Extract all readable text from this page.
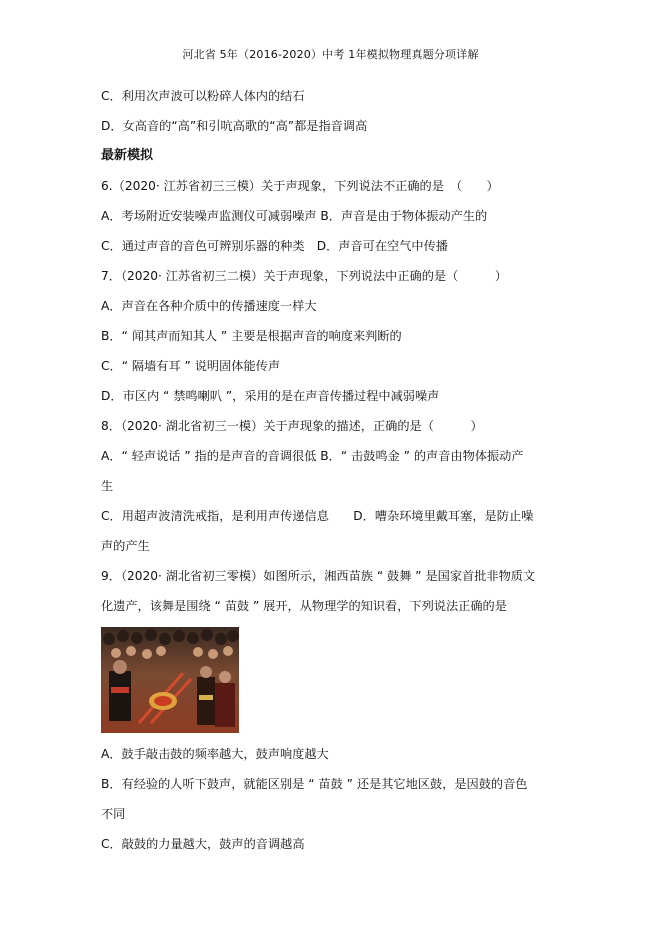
河北省 5年（2016-2020）中考 1年模拟物理真题分项详解
C．利用次声波可以粉碎人体内的结石
D．女高音的“高”和引吭高歌的“高”都是指音调高
最新模拟
6.（2020· 江苏省初三三模）关于声现象，下列说法不正确的是　（　　）
A．考场附近安装噪声监测仪可减弱噪声 B．声音是由于物体振动产生的
C．通过声音的音色可辨别乐器的种类　D．声音可在空气中传播
7．（2020· 江苏省初三二模）关于声现象，下列说法中正确的是（　　　）
A．声音在各种介质中的传播速度一样大
B．“ 闻其声而知其人 ” 主要是根据声音的响度来判断的
C．“ 隔墙有耳 ” 说明固体能传声
D．市区内 “ 禁鸣喇叭 ”，采用的是在声音传播过程中减弱噪声
8．（2020· 湖北省初三一模）关于声现象的描述，正确的是（　　　）
A．“ 轻声说话 ” 指的是声音的音调很低 B．“ 击鼓鸣金 ” 的声音由物体振动产
生
C．用超声波清洗戒指，是利用声传递信息　　D．嘈杂环境里戴耳塞，是防止噪
声的产生
9．（2020· 湖北省初三零模）如图所示，湘西苗族 “ 鼓舞 ” 是国家首批非物质文
化遗产，该舞是围绕 “ 苗鼓 ” 展开，从物理学的知识看，下列说法正确的是
A．鼓手敲击鼓的频率越大，鼓声响度越大
B．有经验的人听下鼓声，就能区别是 “ 苗鼓 ” 还是其它地区鼓，是因鼓的音色
不同
C．敲鼓的力量越大，鼓声的音调越高
